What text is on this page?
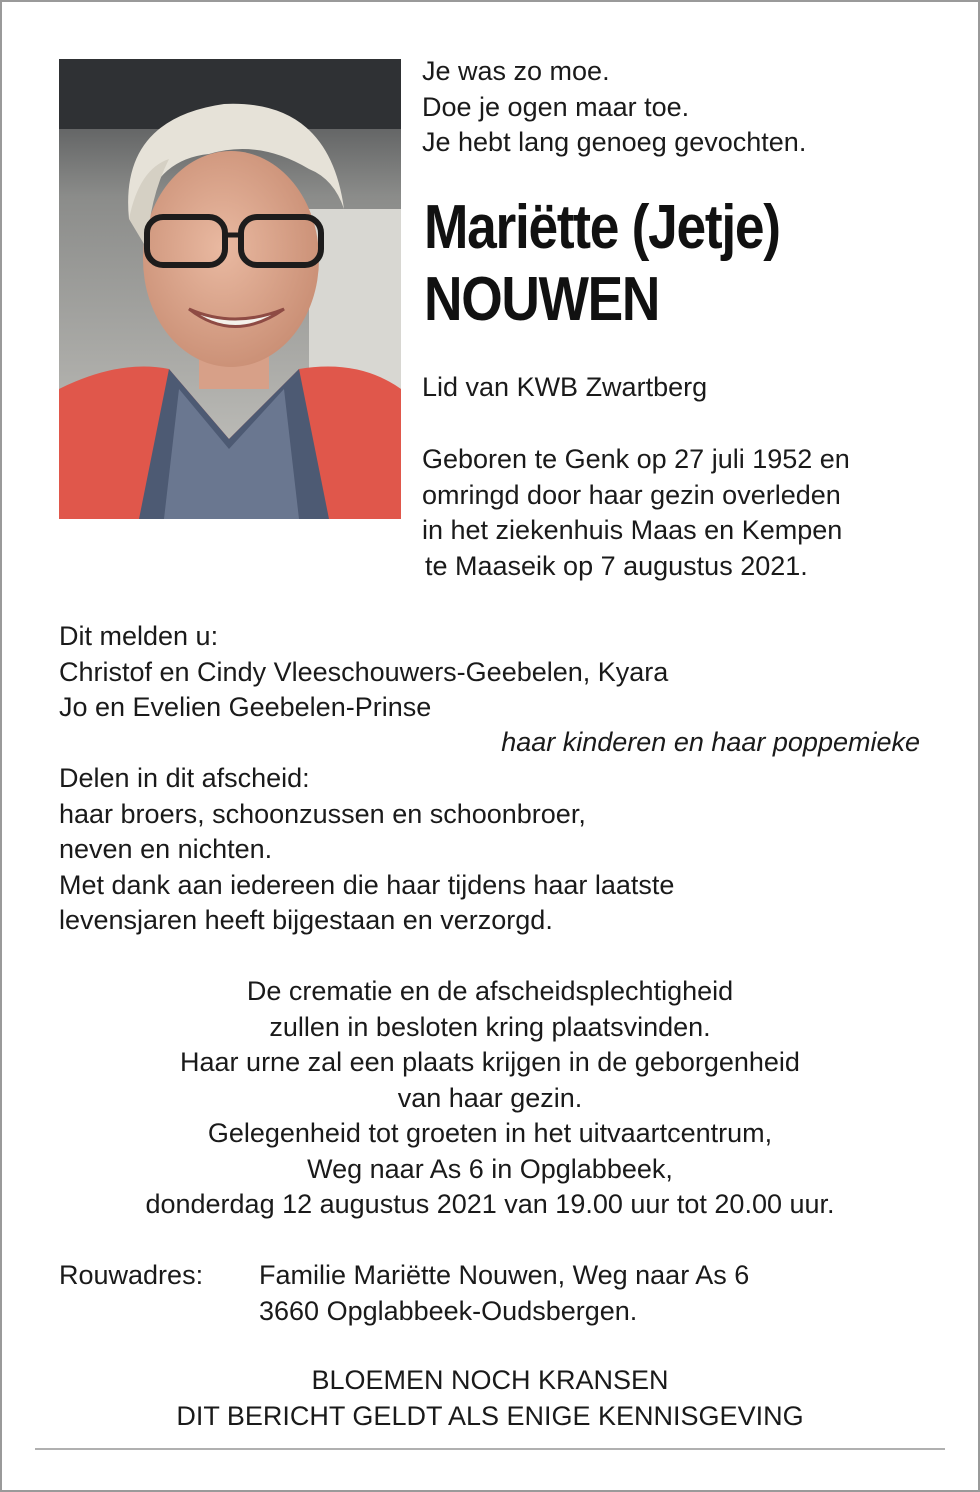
Je was zo moe.
Doe je ogen maar toe.
Je hebt lang genoeg gevochten.
Mariëtte (Jetje)
NOUWEN
Lid van KWB Zwartberg
Geboren te Genk op 27 juli 1952 en
omringd door haar gezin overleden
in het ziekenhuis Maas en Kempen
te Maaseik op 7 augustus 2021.
Dit melden u:
Christof en Cindy Vleeschouwers-Geebelen, Kyara
Jo en Evelien Geebelen-Prinse
haar kinderen en haar poppemieke
Delen in dit afscheid:
haar broers, schoonzussen en schoonbroer,
neven en nichten.
Met dank aan iedereen die haar tijdens haar laatste
levensjaren heeft bijgestaan en verzorgd.
De crematie en de afscheidsplechtigheid
zullen in besloten kring plaatsvinden.
Haar urne zal een plaats krijgen in de geborgenheid
van haar gezin.
Gelegenheid tot groeten in het uitvaartcentrum,
Weg naar As 6 in Opglabbeek,
donderdag 12 augustus 2021 van 19.00 uur tot 20.00 uur.
Rouwadres: Familie Mariëtte Nouwen, Weg naar As 6
3660 Opglabbeek-Oudsbergen.
BLOEMEN NOCH KRANSEN
DIT BERICHT GELDT ALS ENIGE KENNISGEVING
